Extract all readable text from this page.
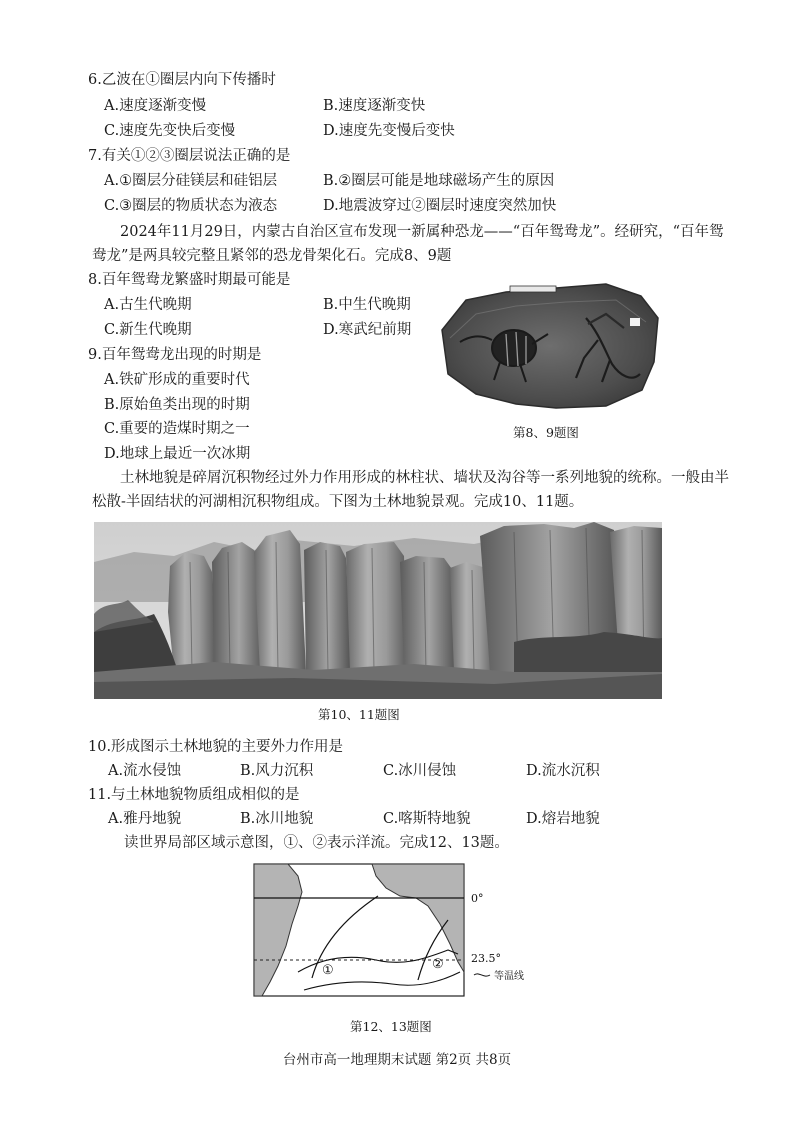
6.乙波在①圈层内向下传播时
A.速度逐渐变慢	B.速度逐渐变快
C.速度先变快后变慢	D.速度先变慢后变快
7.有关①②③圈层说法正确的是
A.①圈层分硅镁层和硅铝层	B.②圈层可能是地球磁场产生的原因
C.③圈层的物质状态为液态	D.地震波穿过②圈层时速度突然加快
2024年11月29日，内蒙古自治区宣布发现一新属种恐龙——“百年鸳鸯龙”。经研究，“百年鸳鸯龙”是两具较完整且紧邻的恐龙骨架化石。完成8、9题
8.百年鸳鸯龙繁盛时期最可能是
A.古生代晚期	B.中生代晚期
C.新生代晚期	D.寒武纪前期
9.百年鸳鸯龙出现的时期是
A.铁矿形成的重要时代
B.原始鱼类出现的时期
C.重要的造煤时期之一
D.地球上最近一次冰期
第8、9题图
土林地貌是碎屑沉积物经过外力作用形成的林柱状、墙状及沟谷等一系列地貌的统称。一般由半松散-半固结状的河湖相沉积物组成。下图为土林地貌景观。完成10、11题。
第10、11题图
10.形成图示土林地貌的主要外力作用是
A.流水侵蚀	B.风力沉积	C.冰川侵蚀	D.流水沉积
11.与土林地貌物质组成相似的是
A.雅丹地貌	B.冰川地貌	C.喀斯特地貌	D.熔岩地貌
读世界局部区域示意图，①、②表示洋流。完成12、13题。
①	②
0°
23.5°
等温线
第12、13题图
台州市高一地理期末试题 第2页 共8页
